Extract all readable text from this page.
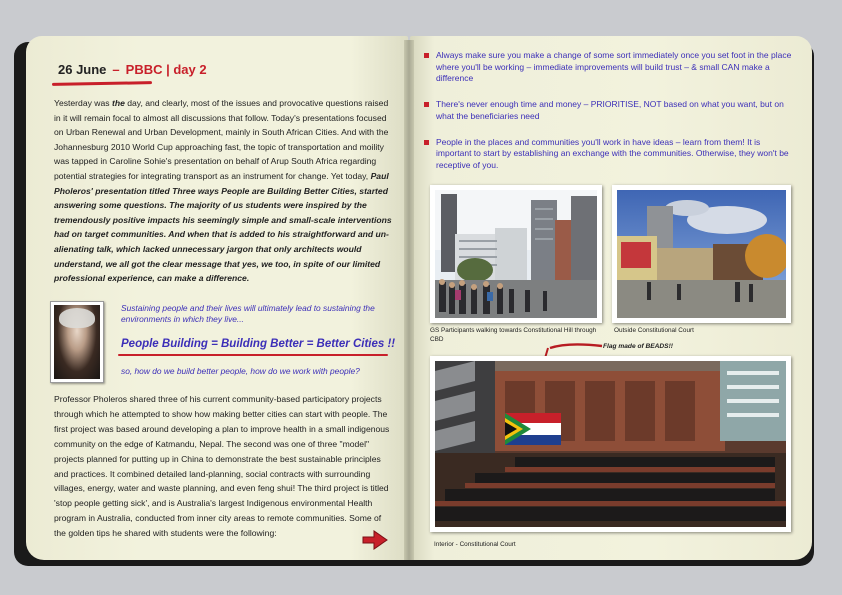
26 June – PBBC | day 2
Yesterday was the day, and clearly, most of the issues and provocative questions raised in it will remain focal to almost all discussions that follow. Today's presentations focused on Urban Renewal and Urban Development, mainly in South African Cities. And with the Johannesburg 2010 World Cup approaching fast, the topic of transportation and moility was tapped in Caroline Sohie's presentation on behalf of Arup South Africa regarding potential strategies for integrating transport as an instrument for change. Yet today, Paul Pholeros' presentation titled Three ways People are Building Better Cities, started answering some questions. The majority of us students were inspired by the tremendously positive impacts his seemingly simple and small-scale interventions had on target communities. And when that is added to his straightforward and un-alienating talk, which lacked unnecessary jargon that only architects would understand, we all got the clear message that yes, we too, in spite of our limited professional experience, can make a difference.
Sustaining people and their lives will ultimately lead to sustaining the environments in which they live...
People Building = Building Better = Better Cities !!
so, how do we build better people, how do we work with people?
Professor Pholeros shared three of his current community-based participatory projects through which he attempted to show how making better cities can start with people. The first project was based around developing a plan to improve health in a small indigenous community on the edge of Katmandu, Nepal. The second was one of three "model" projects planned for putting up in China to demonstrate the best sustainable principles and practices. It combined detailed land-planning, social contracts with surrounding villages, energy, water and waste planning, and even feng shui! The third project is titled 'stop people getting sick', and is Australia's largest Indigenous environmental Health program in Australia, conducted from inner city areas to remote communities. Some of the golden tips he shared with students were the following:
Always make sure you make a change of some sort immediately once you set foot in the place where you'll be working – immediate improvements will build trust – & small CAN make a difference
There's never enough time and money – PRIORITISE, NOT based on what you want, but on what the beneficiaries need
People in the places and communities you'll work in have ideas – learn from them! It is important to start by establishing an exchange with the communities. Otherwise, they won't be receptive of you.
GS Participants walking towards Constitutional Hill through CBD
Outside Constitutional Court
Flag made of BEADS!!
Interior - Constitutional Court
